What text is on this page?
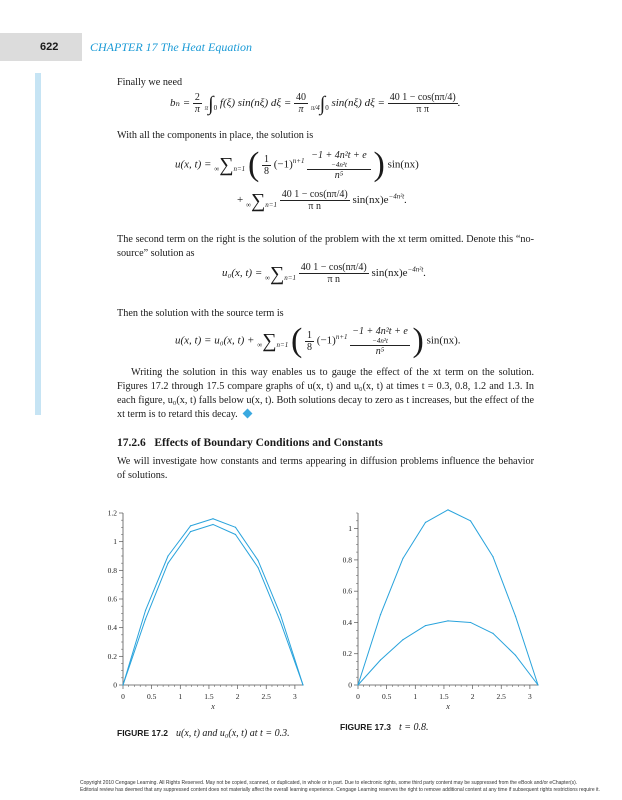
622	CHAPTER 17 The Heat Equation
Finally we need
$b_n = \frac{2}{\pi} \pi\int 0$ f(ξ) sin(nξ) $d\xi = \frac{40}{\pi} \pi/4\int 0$ sin(nξ) $d\xi = \frac{40 1 - \cos(n\pi/4)}{\text{π π}}$ .
With all the components in place, the solution is
u(x, t) = ∞∑n=1 ( $\frac{1}{8} (-1)^{n+1} -1 + 4n^2t + e$
−4n²t
n⁵ ) sin(nx)
+ $\infty\sum n=1 \frac{40 1 - \cos(n\pi/4)}{\text{π n}} \sin(nx)e^{-4n^2t}$.
The second term on the right is the solution of the problem with the xt term omitted. Denote this “no-source” solution as
u₀(x, $t) = \infty\sum n=1 \frac{40 1 - \cos(n\pi/4)}{\text{π n}} \sin(nx)e^{-4n^2t}$.
Then the solution with the source term is
u(x, t) = u₀(x, t) + ∞∑n=1 ( $\frac{1}{8} (-1)^{n+1} -1 + 4n^2t + e$
−4n²t
n⁵ ) sin(nx).
Writing the solution in this way enables us to gauge the effect of the xt term on the solution. Figures 17.2 through 17.5 compare graphs of u(x, t) and u₀(x, t) at times t = 0.3, 0.8, 1.2 and 1.3. In each figure, u₀(x, t) falls below u(x, t). Both solutions decay to zero as t increases, but the effect of the xt term is to retard this decay.
17.2.6 Effects of Boundary Conditions and Constants
We will investigate how constants and terms appearing in diffusion problems influence the behavior of solutions.
0	0.5	1	1.5	2	2.5	3
0
0.2
0.4
0.6
0.8
1
1.2
x
0	0.5	1	1.5	2	2.5	3
0
0.2
0.4
0.6
0.8
1
x
FIGURE 17.2 u(x, t) and u₀(x, t) at t = 0.3.
FIGURE 17.3 t = 0.8.
Copyright 2010 Cengage Learning. All Rights Reserved. May not be copied, scanned, or duplicated, in whole or in part. Due to electronic rights, some third party content may be suppressed from the eBook and/or eChapter(s).
Editorial review has deemed that any suppressed content does not materially affect the overall learning experience. Cengage Learning reserves the right to remove additional content at any time if subsequent rights restrictions require it.
